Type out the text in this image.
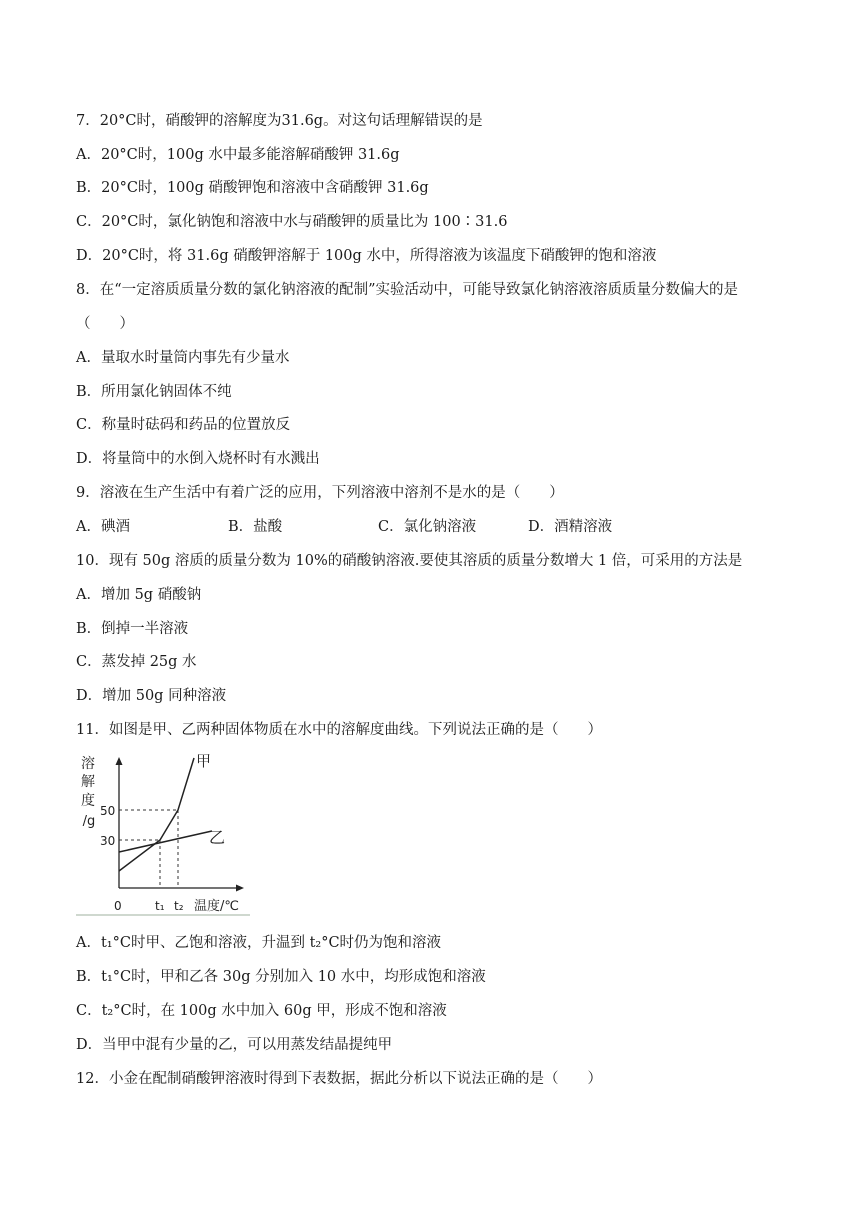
7．20°C时，硝酸钾的溶解度为31.6g。对这句话理解错误的是
A．20°C时，100g 水中最多能溶解硝酸钾 31.6g
B．20°C时，100g 硝酸钾饱和溶液中含硝酸钾 31.6g
C．20°C时，氯化钠饱和溶液中水与硝酸钾的质量比为 100∶31.6
D．20°C时，将 31.6g 硝酸钾溶解于 100g 水中，所得溶液为该温度下硝酸钾的饱和溶液
8．在“一定溶质质量分数的氯化钠溶液的配制”实验活动中，可能导致氯化钠溶液溶质质量分数偏大的是
（　　）
A．量取水时量筒内事先有少量水
B．所用氯化钠固体不纯
C．称量时砝码和药品的位置放反
D．将量筒中的水倒入烧杯时有水溅出
9．溶液在生产生活中有着广泛的应用，下列溶液中溶剂不是水的是（　　）
A．碘酒	B．盐酸	C．氯化钠溶液	D．酒精溶液
10．现有 50g 溶质的质量分数为 10%的硝酸钠溶液.要使其溶质的质量分数增大 1 倍，可采用的方法是
A．增加 5g 硝酸钠
B．倒掉一半溶液
C．蒸发掉 25g 水
D．增加 50g 同种溶液
11．如图是甲、乙两种固体物质在水中的溶解度曲线。下列说法正确的是（　　）
溶
解
度
/g
50
30
0	t₁ t₂ 温度/℃
甲
乙
A．t₁°C时甲、乙饱和溶液，升温到 t₂°C时仍为饱和溶液
B．t₁°C时，甲和乙各 30g 分别加入 10 水中，均形成饱和溶液
C．t₂°C时，在 100g 水中加入 60g 甲，形成不饱和溶液
D．当甲中混有少量的乙，可以用蒸发结晶提纯甲
12．小金在配制硝酸钾溶液时得到下表数据，据此分析以下说法正确的是（　　）
